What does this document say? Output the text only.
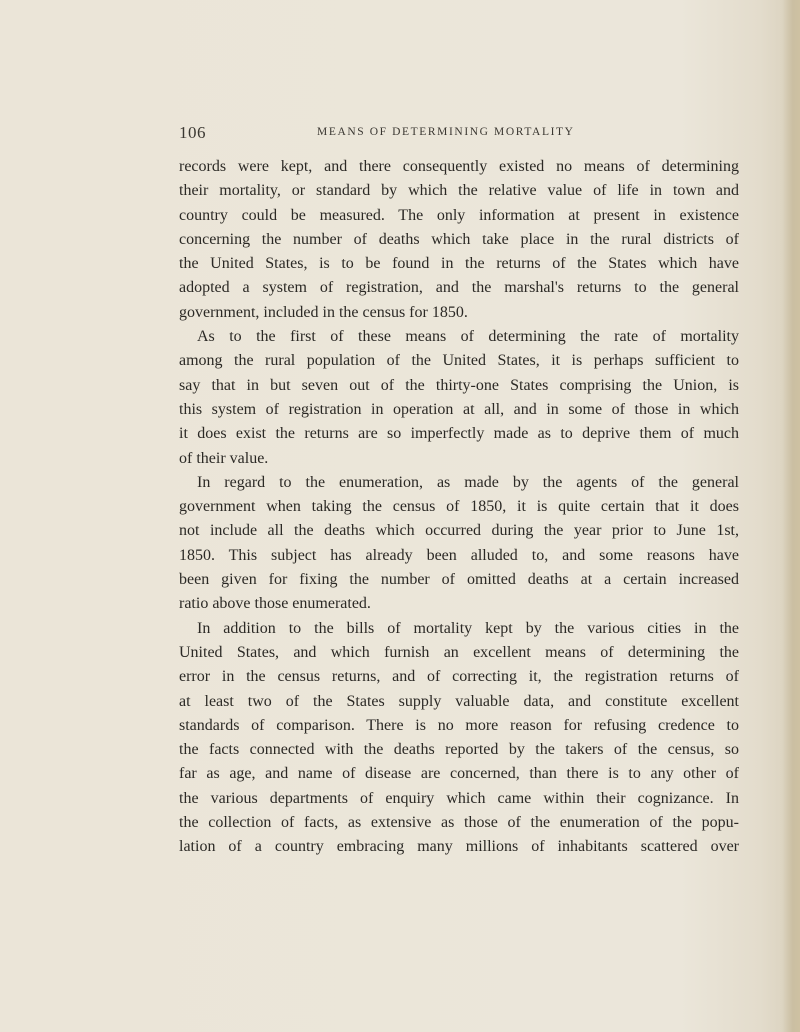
106	MEANS OF DETERMINING MORTALITY
records were kept, and there consequently existed no means of determining
their mortality, or standard by which the relative value of life in town and
country could be measured. The only information at present in existence
concerning the number of deaths which take place in the rural districts of
the United States, is to be found in the returns of the States which have
adopted a system of registration, and the marshal's returns to the general
government, included in the census for 1850.
As to the first of these means of determining the rate of mortality
among the rural population of the United States, it is perhaps sufficient to
say that in but seven out of the thirty-one States comprising the Union, is
this system of registration in operation at all, and in some of those in which
it does exist the returns are so imperfectly made as to deprive them of much
of their value.
In regard to the enumeration, as made by the agents of the general
government when taking the census of 1850, it is quite certain that it does
not include all the deaths which occurred during the year prior to June 1st,
1850. This subject has already been alluded to, and some reasons have
been given for fixing the number of omitted deaths at a certain increased
ratio above those enumerated.
In addition to the bills of mortality kept by the various cities in the
United States, and which furnish an excellent means of determining the
error in the census returns, and of correcting it, the registration returns of
at least two of the States supply valuable data, and constitute excellent
standards of comparison. There is no more reason for refusing credence to
the facts connected with the deaths reported by the takers of the census, so
far as age, and name of disease are concerned, than there is to any other of
the various departments of enquiry which came within their cognizance. In
the collection of facts, as extensive as those of the enumeration of the popu-
lation of a country embracing many millions of inhabitants scattered over
